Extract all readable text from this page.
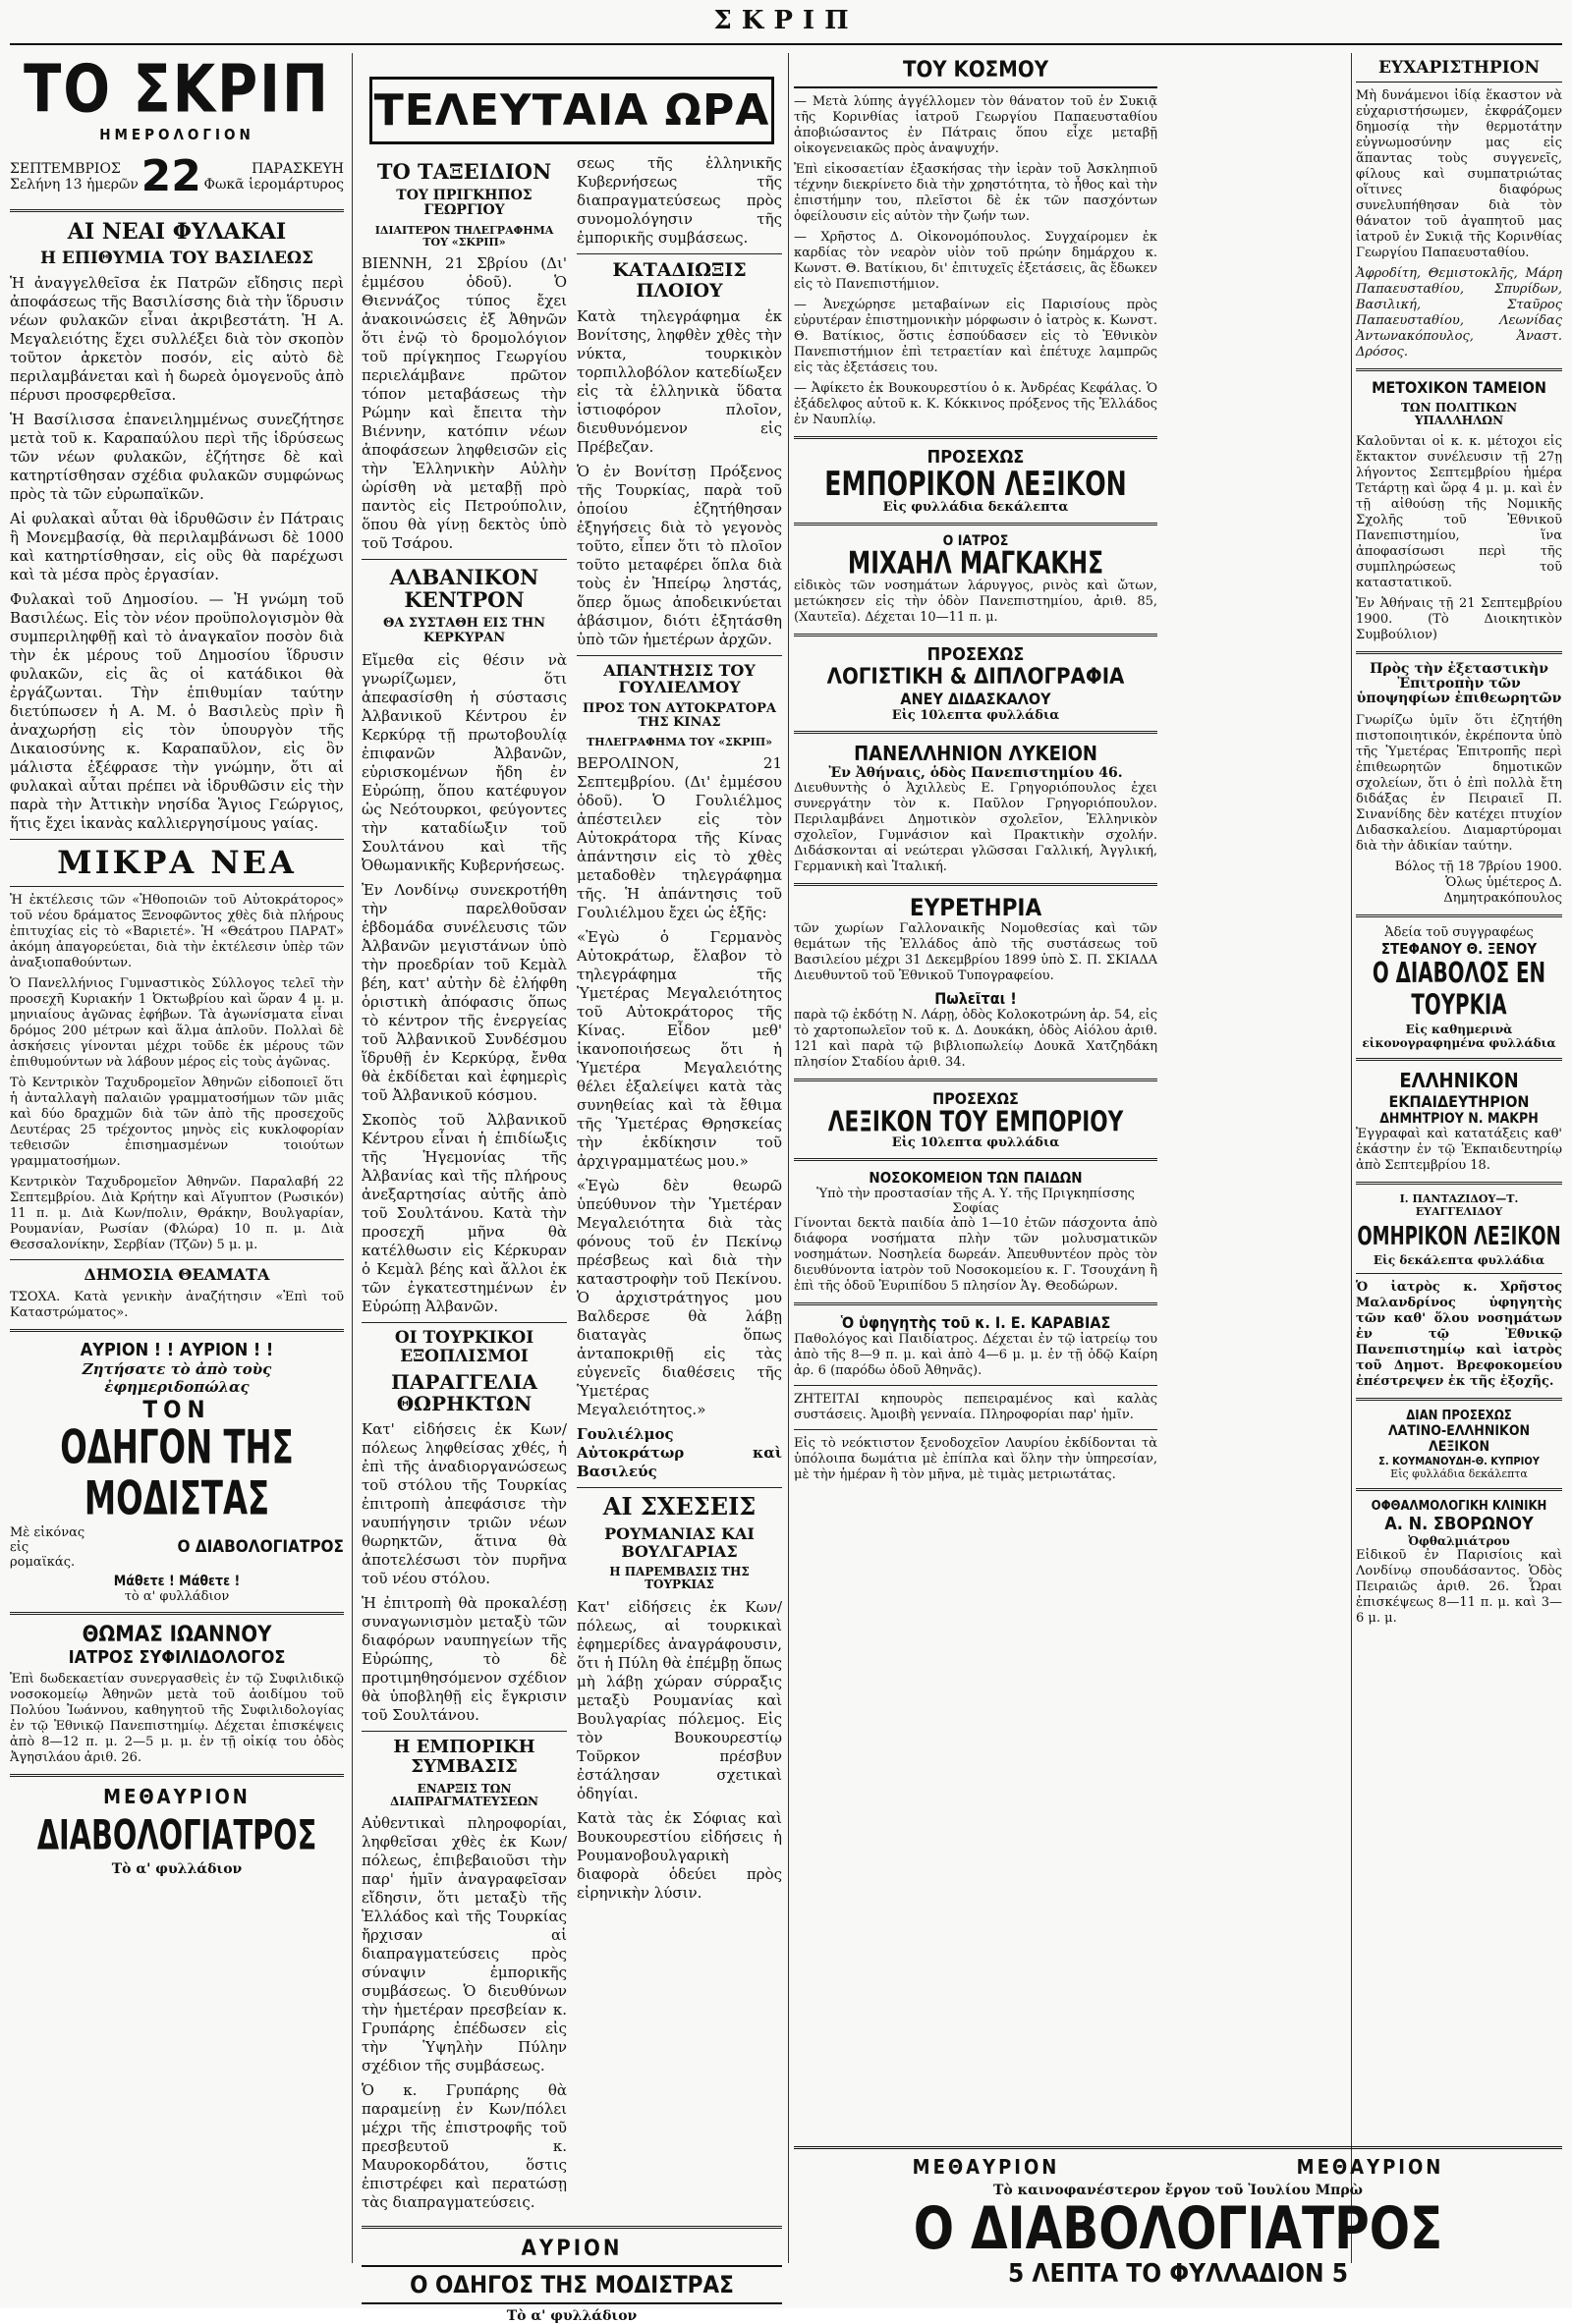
ΣΚΡΙΠ
ΤΟ ΣΚΡΙΠ
ΗΜΕΡΟΛΟΓΙΟΝ
ΣΕΠΤΕΜΒΡΙΟΣ
Σελήνη 13 ἡμερῶν 22	ΠΑΡΑΣΚΕΥΗ
Φωκᾶ ἱερομάρτυρος
ΑΙ ΝΕΑΙ ΦΥΛΑΚΑΙ
Η ΕΠΙΘΥΜΙΑ ΤΟΥ ΒΑΣΙΛΕΩΣ

Ἡ ἀναγγελθεῖσα ἐκ Πατρῶν εἴδησις περὶ ἀποφάσεως τῆς Βασιλίσσης διὰ τὴν ἵδρυσιν νέων φυλακῶν εἶναι ἀκριβεστάτη. Ἡ Α. Μεγαλειότης ἔχει συλλέξει διὰ τὸν σκοπὸν τοῦτον ἀρκετὸν ποσόν, εἰς αὐτὸ δὲ περιλαμβάνεται καὶ ἡ δωρεὰ ὁμογενοῦς ἀπὸ πέρυσι προσφερθεῖσα.

Ἡ Βασίλισσα ἐπανειλημμένως συνεζήτησε μετὰ τοῦ κ. Καραπαύλου περὶ τῆς ἱδρύσεως τῶν νέων φυλακῶν, ἐζήτησε δὲ καὶ κατηρτίσθησαν σχέδια φυλακῶν συμφώνως πρὸς τὰ τῶν εὐρωπαϊκῶν.

Αἱ φυλακαὶ αὗται θὰ ἱδρυθῶσιν ἐν Πάτραις ἢ Μονεμβασίᾳ, θὰ περιλαμβάνωσι δὲ 1000 καὶ κατηρτίσθησαν, εἰς οὓς θὰ παρέχωσι καὶ τὰ μέσα πρὸς ἐργασίαν.

Φυλακαὶ τοῦ Δημοσίου. — Ἡ γνώμη τοῦ Βασιλέως. Εἰς τὸν νέον προϋπολογισμὸν θὰ συμπεριληφθῇ καὶ τὸ ἀναγκαῖον ποσὸν διὰ τὴν ἐκ μέρους τοῦ Δημοσίου ἵδρυσιν φυλακῶν, εἰς ἃς οἱ κατάδικοι θὰ ἐργάζωνται. Τὴν ἐπιθυμίαν ταύτην διετύπωσεν ἡ Α. Μ. ὁ Βασιλεὺς πρὶν ἢ ἀναχωρήσῃ εἰς τὸν ὑπουργὸν τῆς Δικαιοσύνης κ. Καραπαῦλον, εἰς ὃν μάλιστα ἐξέφρασε τὴν γνώμην, ὅτι αἱ φυλακαὶ αὗται πρέπει νὰ ἱδρυθῶσιν εἰς τὴν παρὰ τὴν Ἀττικὴν νησίδα Ἅγιος Γεώργιος, ἥτις ἔχει ἱκανὰς καλλιεργησίμους γαίας.

ΜΙΚΡΑ ΝΕΑ

Ἡ ἐκτέλεσις τῶν «Ἠθοποιῶν τοῦ Αὐτοκράτορος» τοῦ νέου δράματος Ξενοφῶντος χθὲς διὰ πλήρους ἐπιτυχίας εἰς τὸ «Βαριετέ». Ἡ «Θεάτρου ΠΑΡΑΤ» ἀκόμη ἀπαγορεύεται, διὰ τὴν ἐκτέλεσιν ὑπὲρ τῶν ἀναξιοπαθούντων.

Ὁ Πανελλήνιος Γυμναστικὸς Σύλλογος τελεῖ τὴν προσεχῆ Κυριακήν 1 Ὀκτωβρίου καὶ ὥραν 4 μ. μ. μηνιαίους ἀγῶνας ἐφήβων. Τὰ ἀγωνίσματα εἶναι δρόμος 200 μέτρων καὶ ἅλμα ἀπλοῦν. Πολλαὶ δὲ ἀσκήσεις γίνονται μέχρι τοῦδε ἐκ μέρους τῶν ἐπιθυμούντων νὰ λάβουν μέρος εἰς τοὺς ἀγῶνας.

Τὸ Κεντρικὸν Ταχυδρομεῖον Ἀθηνῶν εἰδοποιεῖ ὅτι ἡ ἀνταλλαγὴ παλαιῶν γραμματοσήμων τῶν μιᾶς καὶ δύο δραχμῶν διὰ τῶν ἀπὸ τῆς προσεχοῦς Δευτέρας 25 τρέχοντος μηνὸς εἰς κυκλοφορίαν τεθεισῶν ἐπισημασμένων τοιούτων γραμματοσήμων.

Κεντρικὸν Ταχυδρομεῖον Ἀθηνῶν. Παραλαβή 22 Σεπτεμβρίου. Διὰ Κρήτην καὶ Αἴγυπτον (Ρωσικόν) 11 π. μ. Διὰ Κων/πολιν, Θράκην, Βουλγαρίαν, Ρουμανίαν, Ρωσίαν (Φλώρα) 10 π. μ. Διὰ Θεσσαλονίκην, Σερβίαν (Τζῶν) 5 μ. μ.

ΔΗΜΟΣΙΑ ΘΕΑΜΑΤΑ

ΤΣΟΧΑ. Κατὰ γενικὴν ἀναζήτησιν «Ἐπὶ τοῦ Καταστρώματος».

ΑΥΡΙΟΝ ! ! ΑΥΡΙΟΝ ! !
Ζητήσατε τὸ ἀπὸ τοὺς ἐφημεριδοπώλας
ΤΟΝ
ΟΔΗΓΟΝ ΤΗΣ ΜΟΔΙΣΤΑΣ
Μὲ εἰκόνας εἰς ρομαϊκάς.
Ο ΔΙΑΒΟΛΟΓΙΑΤΡΟΣ
Μάθετε ! Μάθετε !
τὸ α' φυλλάδιον
ΘΩΜΑΣ ΙΩΑΝΝΟΥ
ΙΑΤΡΟΣ ΣΥΦΙΛΙΔΟΛΟΓΟΣ

Ἐπὶ δωδεκαετίαν συνεργασθεὶς ἐν τῷ Συφιλιδικῷ νοσοκομείῳ Ἀθηνῶν μετὰ τοῦ ἀοιδίμου τοῦ Πολύου Ἰωάννου, καθηγητοῦ τῆς Συφιλιδολογίας ἐν τῷ Ἐθνικῷ Πανεπιστημίῳ. Δέχεται ἐπισκέψεις ἀπὸ 8—12 π. μ. 2—5 μ. μ. ἐν τῇ οἰκίᾳ του ὁδὸς Ἀγησιλάου ἀριθ. 26.

ΜΕΘΑΥΡΙΟΝ
ΔΙΑΒΟΛΟΓΙΑΤΡΟΣ
Τὸ α' φυλλάδιον
ΤΕΛΕΥΤΑΙΑ ΩΡΑ
ΤΟ ΤΑΞΕΙΔΙΟΝ
ΤΟΥ ΠΡΙΓΚΗΠΟΣ ΓΕΩΡΓΙΟΥ
ΙΔΙΑΙΤΕΡΟΝ ΤΗΛΕΓΡΑΦΗΜΑ ΤΟΥ «ΣΚΡΙΠ»

ΒΙΕΝΝΗ, 21 Σβρίου (Δι' ἐμμέσου ὁδοῦ). Ὁ Θιεννάζος τύπος ἔχει ἀνακοινώσεις ἐξ Ἀθηνῶν ὅτι ἐνῷ τὸ δρομολόγιον τοῦ πρίγκηπος Γεωργίου περιελάμβανε πρῶτον τόπον μεταβάσεως τὴν Ρώμην καὶ ἔπειτα τὴν Βιέννην, κατόπιν νέων ἀποφάσεων ληφθεισῶν εἰς τὴν Ἑλληνικὴν Αὐλὴν ὡρίσθη νὰ μεταβῇ πρὸ παντὸς εἰς Πετρούπολιν, ὅπου θὰ γίνῃ δεκτὸς ὑπὸ τοῦ Τσάρου.

ΑΛΒΑΝΙΚΟΝ ΚΕΝΤΡΟΝ
ΘΑ ΣΥΣΤΑΘΗ ΕΙΣ ΤΗΝ ΚΕΡΚΥΡΑΝ

Εἴμεθα εἰς θέσιν νὰ γνωρίζωμεν, ὅτι ἀπεφασίσθη ἡ σύστασις Ἀλβανικοῦ Κέντρου ἐν Κερκύρᾳ τῇ πρωτοβουλίᾳ ἐπιφανῶν Ἀλβανῶν, εὑρισκομένων ἤδη ἐν Εὐρώπῃ, ὅπου κατέφυγον ὡς Νεότουρκοι, φεύγοντες τὴν καταδίωξιν τοῦ Σουλτάνου καὶ τῆς Ὀθωμανικῆς Κυβερνήσεως.

Ἐν Λονδίνῳ συνεκροτήθη τὴν παρελθοῦσαν ἑβδομάδα συνέλευσις τῶν Ἀλβανῶν μεγιστάνων ὑπὸ τὴν προεδρίαν τοῦ Κεμὰλ βέη, κατ' αὐτὴν δὲ ἐλήφθη ὁριστικὴ ἀπόφασις ὅπως τὸ κέντρον τῆς ἐνεργείας τοῦ Ἀλβανικοῦ Συνδέσμου ἵδρυθῇ ἐν Κερκύρᾳ, ἔνθα θὰ ἐκδίδεται καὶ ἐφημερὶς τοῦ Ἀλβανικοῦ κόσμου.

Σκοπὸς τοῦ Ἀλβανικοῦ Κέντρου εἶναι ἡ ἐπιδίωξις τῆς Ἡγεμονίας τῆς Ἀλβανίας καὶ τῆς πλήρους ἀνεξαρτησίας αὐτῆς ἀπὸ τοῦ Σουλτάνου. Κατὰ τὴν προσεχῆ μῆνα θὰ κατέλθωσιν εἰς Κέρκυραν ὁ Κεμὰλ βέης καὶ ἄλλοι ἐκ τῶν ἐγκατεστημένων ἐν Εὐρώπῃ Ἀλβανῶν.

ΟΙ ΤΟΥΡΚΙΚΟΙ ΕΞΟΠΛΙΣΜΟΙ
ΠΑΡΑΓΓΕΛΙΑ ΘΩΡΗΚΤΩΝ

Κατ' εἰδήσεις ἐκ Κων/πόλεως ληφθείσας χθές, ἡ ἐπὶ τῆς ἀναδιοργανώσεως τοῦ στόλου τῆς Τουρκίας ἐπιτροπὴ ἀπεφάσισε τὴν ναυπήγησιν τριῶν νέων θωρηκτῶν, ἅτινα θὰ ἀποτελέσωσι τὸν πυρῆνα τοῦ νέου στόλου.

Ἡ ἐπιτροπὴ θὰ προκαλέσῃ συναγωνισμὸν μεταξὺ τῶν διαφόρων ναυπηγείων τῆς Εὐρώπης, τὸ δὲ προτιμηθησόμενον σχέδιον θὰ ὑποβληθῇ εἰς ἔγκρισιν τοῦ Σουλτάνου.

Η ΕΜΠΟΡΙΚΗ ΣΥΜΒΑΣΙΣ
ΕΝΑΡΞΙΣ ΤΩΝ ΔΙΑΠΡΑΓΜΑΤΕΥΣΕΩΝ

Αὐθεντικαὶ πληροφορίαι, ληφθεῖσαι χθὲς ἐκ Κων/πόλεως, ἐπιβεβαιοῦσι τὴν παρ' ἡμῖν ἀναγραφεῖσαν εἴδησιν, ὅτι μεταξὺ τῆς Ἑλλάδος καὶ τῆς Τουρκίας ἤρχισαν αἱ διαπραγματεύσεις πρὸς σύναψιν ἐμπορικῆς συμβάσεως. Ὁ διευθύνων τὴν ἡμετέραν πρεσβείαν κ. Γρυπάρης ἐπέδωσεν εἰς τὴν Ὑψηλὴν Πύλην σχέδιον τῆς συμβάσεως.

Ὁ κ. Γρυπάρης θὰ παραμείνῃ ἐν Κων/πόλει μέχρι τῆς ἐπιστροφῆς τοῦ πρεσβευτοῦ κ. Μαυροκορδάτου, ὅστις ἐπιστρέφει καὶ περατώσῃ τὰς διαπραγματεύσεις.

σεως τῆς ἑλληνικῆς Κυβερνήσεως τῆς διαπραγματεύσεως πρὸς συνομολόγησιν τῆς ἐμπορικῆς συμβάσεως.

ΚΑΤΑΔΙΩΞΙΣ ΠΛΟΙΟΥ

Κατὰ τηλεγράφημα ἐκ Βονίτσης, ληφθὲν χθὲς τὴν νύκτα, τουρκικὸν τορπιλλοβόλον κατεδίωξεν εἰς τὰ ἑλληνικὰ ὕδατα ἱστιοφόρον πλοῖον, διευθυνόμενον εἰς Πρέβεζαν.

Ὁ ἐν Βονίτσῃ Πρόξενος τῆς Τουρκίας, παρὰ τοῦ ὁποίου ἐζητήθησαν ἐξηγήσεις διὰ τὸ γεγονὸς τοῦτο, εἶπεν ὅτι τὸ πλοῖον τοῦτο μεταφέρει ὅπλα διὰ τοὺς ἐν Ἠπείρῳ ληστάς, ὅπερ ὅμως ἀποδεικνύεται ἀβάσιμον, διότι ἐξητάσθη ὑπὸ τῶν ἡμετέρων ἀρχῶν.

ΑΠΑΝΤΗΣΙΣ ΤΟΥ ΓΟΥΛΙΕΛΜΟΥ
ΠΡΟΣ ΤΟΝ ΑΥΤΟΚΡΑΤΟΡΑ ΤΗΣ ΚΙΝΑΣ
ΤΗΛΕΓΡΑΦΗΜΑ ΤΟΥ «ΣΚΡΙΠ»

ΒΕΡΟΛΙΝΟΝ, 21 Σεπτεμβρίου. (Δι' ἐμμέσου ὁδοῦ). Ὁ Γουλιέλμος ἀπέστειλεν εἰς τὸν Αὐτοκράτορα τῆς Κίνας ἀπάντησιν εἰς τὸ χθὲς μεταδοθὲν τηλεγράφημα τῆς. Ἡ ἀπάντησις τοῦ Γουλιέλμου ἔχει ὡς ἑξῆς:

«Ἐγὼ ὁ Γερμανὸς Αὐτοκράτωρ, ἔλαβον τὸ τηλεγράφημα τῆς Ὑμετέρας Μεγαλειότητος τοῦ Αὐτοκράτορος τῆς Κίνας. Εἶδον μεθ' ἱκανοποιήσεως ὅτι ἡ Ὑμετέρα Μεγαλειότης θέλει ἐξαλείψει κατὰ τὰς συνηθείας καὶ τὰ ἔθιμα τῆς Ὑμετέρας Θρησκείας τὴν ἐκδίκησιν τοῦ ἀρχιγραμματέως μου.»

«Ἐγὼ δὲν θεωρῶ ὑπεύθυνον τὴν Ὑμετέραν Μεγαλειότητα διὰ τὰς φόνους τοῦ ἐν Πεκίνῳ πρέσβεως καὶ διὰ τὴν καταστροφὴν τοῦ Πεκίνου. Ὁ ἀρχιστράτηγος μου Βαλδερσε θὰ λάβῃ διαταγὰς ὅπως ἀνταποκριθῇ εἰς τὰς εὐγενεῖς διαθέσεις τῆς Ὑμετέρας Μεγαλειότητος.»

Γουλιέλμος Αὐτοκράτωρ καὶ Βασιλεύς

ΑΙ ΣΧΕΣΕΙΣ
ΡΟΥΜΑΝΙΑΣ ΚΑΙ ΒΟΥΛΓΑΡΙΑΣ
Η ΠΑΡΕΜΒΑΣΙΣ ΤΗΣ ΤΟΥΡΚΙΑΣ

Κατ' εἰδήσεις ἐκ Κων/πόλεως, αἱ τουρκικαὶ ἐφημερίδες ἀναγράφουσιν, ὅτι ἡ Πύλη θὰ ἐπέμβῃ ὅπως μὴ λάβῃ χώραν σύρραξις μεταξὺ Ρουμανίας καὶ Βουλγαρίας πόλεμος. Εἰς τὸν Βουκουρεστίῳ Τοῦρκον πρέσβυν ἐστάλησαν σχετικαὶ ὁδηγίαι.

Κατὰ τὰς ἐκ Σόφιας καὶ Βουκουρεστίου εἰδήσεις ἡ Ρουμανοβουλγαρικὴ διαφορὰ ὁδεύει πρὸς εἰρηνικὴν λύσιν.

ΑΥΡΙΟΝ
Ο ΟΔΗΓΟΣ ΤΗΣ ΜΟΔΙΣΤΡΑΣ
Τὸ α' φυλλάδιον
ΤΟΥ ΚΟΣΜΟΥ

— Μετὰ λύπης ἀγγέλλομεν τὸν θάνατον τοῦ ἐν Συκιᾷ τῆς Κορινθίας ἰατροῦ Γεωργίου Παπαευσταθίου ἀποβιώσαντος ἐν Πάτραις ὅπου εἶχε μεταβῇ οἰκογενειακῶς πρὸς ἀναψυχήν.

Ἐπὶ εἰκοσαετίαν ἐξασκήσας τὴν ἱερὰν τοῦ Ἀσκληπιοῦ τέχνην διεκρίνετο διὰ τὴν χρηστότητα, τὸ ἦθος καὶ τὴν ἐπιστήμην του, πλεῖστοι δὲ ἐκ τῶν πασχόντων ὀφείλουσιν εἰς αὐτὸν τὴν ζωήν των.

— Χρῆστος Δ. Οἰκονομόπουλος. Συγχαίρομεν ἐκ καρδίας τὸν νεαρὸν υἱὸν τοῦ πρώην δημάρχου κ. Κωνστ. Θ. Βατίκιου, δι' ἐπιτυχεῖς ἐξετάσεις, ἃς ἔδωκεν εἰς τὸ Πανεπιστήμιον.

— Ἀνεχώρησε μεταβαίνων εἰς Παρισίους πρὸς εὐρυτέραν ἐπιστημονικὴν μόρφωσιν ὁ ἰατρὸς κ. Κωνστ. Θ. Βατίκιος, ὅστις ἐσπούδασεν εἰς τὸ Ἐθνικὸν Πανεπιστήμιον ἐπὶ τετραετίαν καὶ ἐπέτυχε λαμπρῶς εἰς τὰς ἐξετάσεις του.

— Ἀφίκετο ἐκ Βουκουρεστίου ὁ κ. Ἀνδρέας Κεφάλας. Ὁ ἐξάδελφος αὐτοῦ κ. Κ. Κόκκινος πρόξενος τῆς Ἑλλάδος ἐν Ναυπλίῳ.

ΠΡΟΣΕΧΩΣ
ΕΜΠΟΡΙΚΟΝ ΛΕΞΙΚΟΝ
Εἰς φυλλάδια δεκάλεπτα
Ο ΙΑΤΡΟΣ
ΜΙΧΑΗΛ ΜΑΓΚΑΚΗΣ

εἰδικὸς τῶν νοσημάτων λάρυγγος, ρινὸς καὶ ὤτων, μετώκησεν εἰς τὴν ὁδὸν Πανεπιστημίου, ἀριθ. 85, (Χαυτεῖα). Δέχεται 10—11 π. μ.

ΠΡΟΣΕΧΩΣ
ΛΟΓΙΣΤΙΚΗ & ΔΙΠΛΟΓΡΑΦΙΑ
ΑΝΕΥ ΔΙΔΑΣΚΑΛΟΥ
Εἰς 10λεπτα φυλλάδια
ΠΑΝΕΛΛΗΝΙΟΝ ΛΥΚΕΙΟΝ
Ἐν Ἀθήναις, ὁδὸς Πανεπιστημίου 46.

Διευθυντὴς ὁ Ἀχιλλεὺς Ε. Γρηγοριόπουλος ἐχει συνεργάτην τὸν κ. Παῦλον Γρηγοριόπουλον. Περιλαμβάνει Δημοτικὸν σχολεῖον, Ἑλληνικὸν σχολεῖον, Γυμνάσιον καὶ Πρακτικὴν σχολήν. Διδάσκονται αἱ νεώτεραι γλῶσσαι Γαλλική, Ἀγγλική, Γερμανικὴ καὶ Ἰταλική.

ΕΥΡΕΤΗΡΙΑ

τῶν χωρίων Γαλλοναικῆς Νομοθεσίας καὶ τῶν θεμάτων τῆς Ἑλλάδος ἀπὸ τῆς συστάσεως τοῦ Βασιλείου μέχρι 31 Δεκεμβρίου 1899 ὑπὸ Σ. Π. ΣΚΙΑΔΑ Διευθυντοῦ τοῦ Ἐθνικοῦ Τυπογραφείου.

Πωλεῖται !

παρὰ τῷ ἐκδότῃ Ν. Λάρῃ, ὁδὸς Κολοκοτρώνη ἀρ. 54, εἰς τὸ χαρτοπωλεῖον τοῦ κ. Δ. Δουκάκη, ὁδὸς Αἰόλου ἀριθ. 121 καὶ παρὰ τῷ βιβλιοπωλείῳ Δουκᾶ Χατζηδάκη πλησίον Σταδίου ἀριθ. 34.

ΠΡΟΣΕΧΩΣ
ΛΕΞΙΚΟΝ ΤΟΥ ΕΜΠΟΡΙΟΥ
Εἰς 10λεπτα φυλλάδια
ΝΟΣΟΚΟΜΕΙΟΝ ΤΩΝ ΠΑΙΔΩΝ
Ὑπὸ τὴν προστασίαν τῆς Α. Υ. τῆς Πριγκηπίσσης Σοφίας

Γίνονται δεκτὰ παιδία ἀπὸ 1—10 ἐτῶν πάσχοντα ἀπὸ διάφορα νοσήματα πλὴν τῶν μολυσματικῶν νοσημάτων. Νοσηλεία δωρεάν. Ἀπευθυντέον πρὸς τὸν διευθύνοντα ἰατρὸν τοῦ Νοσοκομείου κ. Γ. Τσουχάνη ἢ ἐπὶ τῆς ὁδοῦ Ἐυριπίδου 5 πλησίον Ἁγ. Θεοδώρων.

Ὁ ὑφηγητὴς τοῦ κ. Ι. Ε. ΚΑΡΑΒΙΑΣ

Παθολόγος καὶ Παιδίατρος. Δέχεται ἐν τῷ ἰατρείῳ του ἀπὸ τῆς 8—9 π. μ. καὶ ἀπὸ 4—6 μ. μ. ἐν τῇ ὁδῷ Καίρη ἀρ. 6 (παρόδω ὁδοῦ Ἀθηνᾶς).

ΖΗΤΕΙΤΑΙ κηπουρὸς πεπειραμένος καὶ καλὰς συστάσεις. Ἁμοιβὴ γενναία. Πληροφορίαι παρ' ἡμῖν.

Εἰς τὸ νεόκτιστον ξενοδοχεῖον Λαυρίου ἐκδίδονται τὰ ὑπόλοιπα δωμάτια μὲ ἐπίπλα καὶ ὅλην τὴν ὑπηρεσίαν, μὲ τὴν ἡμέραν ἢ τὸν μῆνα, μὲ τιμὰς μετριωτάτας.

ΕΥΧΑΡΙΣΤΗΡΙΟΝ

Μὴ δυνάμενοι ἰδίᾳ ἕκαστον νὰ εὐχαριστήσωμεν, ἐκφράζομεν δημοσίᾳ τὴν θερμοτάτην εὐγνωμοσύνην μας εἰς ἅπαντας τοὺς συγγενεῖς, φίλους καὶ συμπατριώτας οἵτινες διαφόρως συνελυπήθησαν διὰ τὸν θάνατον τοῦ ἀγαπητοῦ μας ἰατροῦ ἐν Συκιᾷ τῆς Κορινθίας Γεωργίου Παπαευσταθίου.

Ἀφροδίτη, Θεμιστοκλῆς, Μάρη Παπαευσταθίου, Σπυρίδων, Βασιλική, Σταῦρος Παπαευσταθίου, Λεωνίδας Ἀντωνακόπουλος, Ἀναστ. Δρόσος.

ΜΕΤΟΧΙΚΟΝ ΤΑΜΕΙΟΝ
ΤΩΝ ΠΟΛΙΤΙΚΩΝ ΥΠΑΛΛΗΛΩΝ

Καλοῦνται οἱ κ. κ. μέτοχοι εἰς ἔκτακτον συνέλευσιν τῇ 27ῃ λήγοντος Σεπτεμβρίου ἡμέρα Τετάρτῃ καὶ ὥρᾳ 4 μ. μ. καὶ ἐν τῇ αἰθούσῃ τῆς Νομικῆς Σχολῆς τοῦ Ἐθνικοῦ Πανεπιστημίου, ἵνα ἀποφασίσωσι περὶ τῆς συμπληρώσεως τοῦ καταστατικοῦ.

Ἐν Ἀθήναις τῇ 21 Σεπτεμβρίου 1900. (Τὸ Διοικητικὸν Συμβούλιον)

Πρὸς τὴν ἐξεταστικὴν Ἐπιτροπὴν τῶν ὑποψηφίων ἐπιθεωρητῶν

Γνωρίζω ὑμῖν ὅτι ἐζητήθη πιστοποιητικόν, ἐκρέποντα ὑπὸ τῆς Ὑμετέρας Ἐπιτροπῆς περὶ ἐπιθεωρητῶν δημοτικῶν σχολείων, ὅτι ὁ ἐπὶ πολλὰ ἔτη διδάξας ἐν Πειραιεῖ Π. Σινανίδης δὲν κατέχει πτυχίον Διδασκαλείου. Διαμαρτύρομαι διὰ τὴν ἀδικίαν ταύτην.

Βόλος τῇ 18 7βρίου 1900. Ὁλως ὑμέτερος Δ. Δημητρακόπουλος

Ἀδεία τοῦ συγγραφέως
ΣΤΕΦΑΝΟΥ Θ. ΞΕΝΟΥ
Ο ΔΙΑΒΟΛΟΣ ΕΝ ΤΟΥΡΚΙΑ
Εἰς καθημερινὰ εἰκονογραφημένα φυλλάδια
ΕΛΛΗΝΙΚΟΝ
ΕΚΠΑΙΔΕΥΤΗΡΙΟΝ
ΔΗΜΗΤΡΙΟΥ Ν. ΜΑΚΡΗ

Ἐγγραφαὶ καὶ κατατάξεις καθ' ἑκάστην ἐν τῷ Ἐκπαιδευτηρίῳ ἀπὸ Σεπτεμβρίου 18.

Ι. ΠΑΝΤΑΖΙΔΟΥ—Τ. ΕΥΑΓΓΕΛΙΔΟΥ
ΟΜΗΡΙΚΟΝ ΛΕΞΙΚΟΝ
Εἰς δεκάλεπτα φυλλάδια

Ὁ ἰατρὸς κ. Χρῆστος Μαλανδρίνος ὑφηγητὴς τῶν καθ' ὅλου νοσημάτων ἐν τῷ Ἐθνικῷ Πανεπιστημίῳ καὶ ἰατρὸς τοῦ Δημοτ. Βρεφοκομείου ἐπέστρεψεν ἐκ τῆς ἐξοχῆς.

ΔΙΑΝ ΠΡΟΣΕΧΩΣ
ΛΑΤΙΝΟ-ΕΛΛΗΝΙΚΟΝ ΛΕΞΙΚΟΝ
Σ. ΚΟΥΜΑΝΟΥΔΗ-Θ. ΚΥΠΡΙΟΥ
Εἰς φυλλάδια δεκάλεπτα
ΟΦΘΑΛΜΟΛΟΓΙΚΗ ΚΛΙΝΙΚΗ
Α. Ν. ΣΒΟΡΩΝΟΥ
Ὀφθαλμιάτρου

Εἰδικοῦ ἐν Παρισίοις καὶ Λονδίνῳ σπουδάσαντος. Ὁδὸς Πειραιῶς ἀριθ. 26. Ὧραι ἐπισκέψεως 8—11 π. μ. καὶ 3—6 μ. μ.

ΜΕΘΑΥΡΙΟΝ	ΜΕΘΑΥΡΙΟΝ
Τὸ καινοφανέστερον ἔργον τοῦ Ἰουλίου Μπρὼ
Ο ΔΙΑΒΟΛΟΓΙΑΤΡΟΣ
5 ΛΕΠΤΑ ΤΟ ΦΥΛΛΑΔΙΟΝ 5
